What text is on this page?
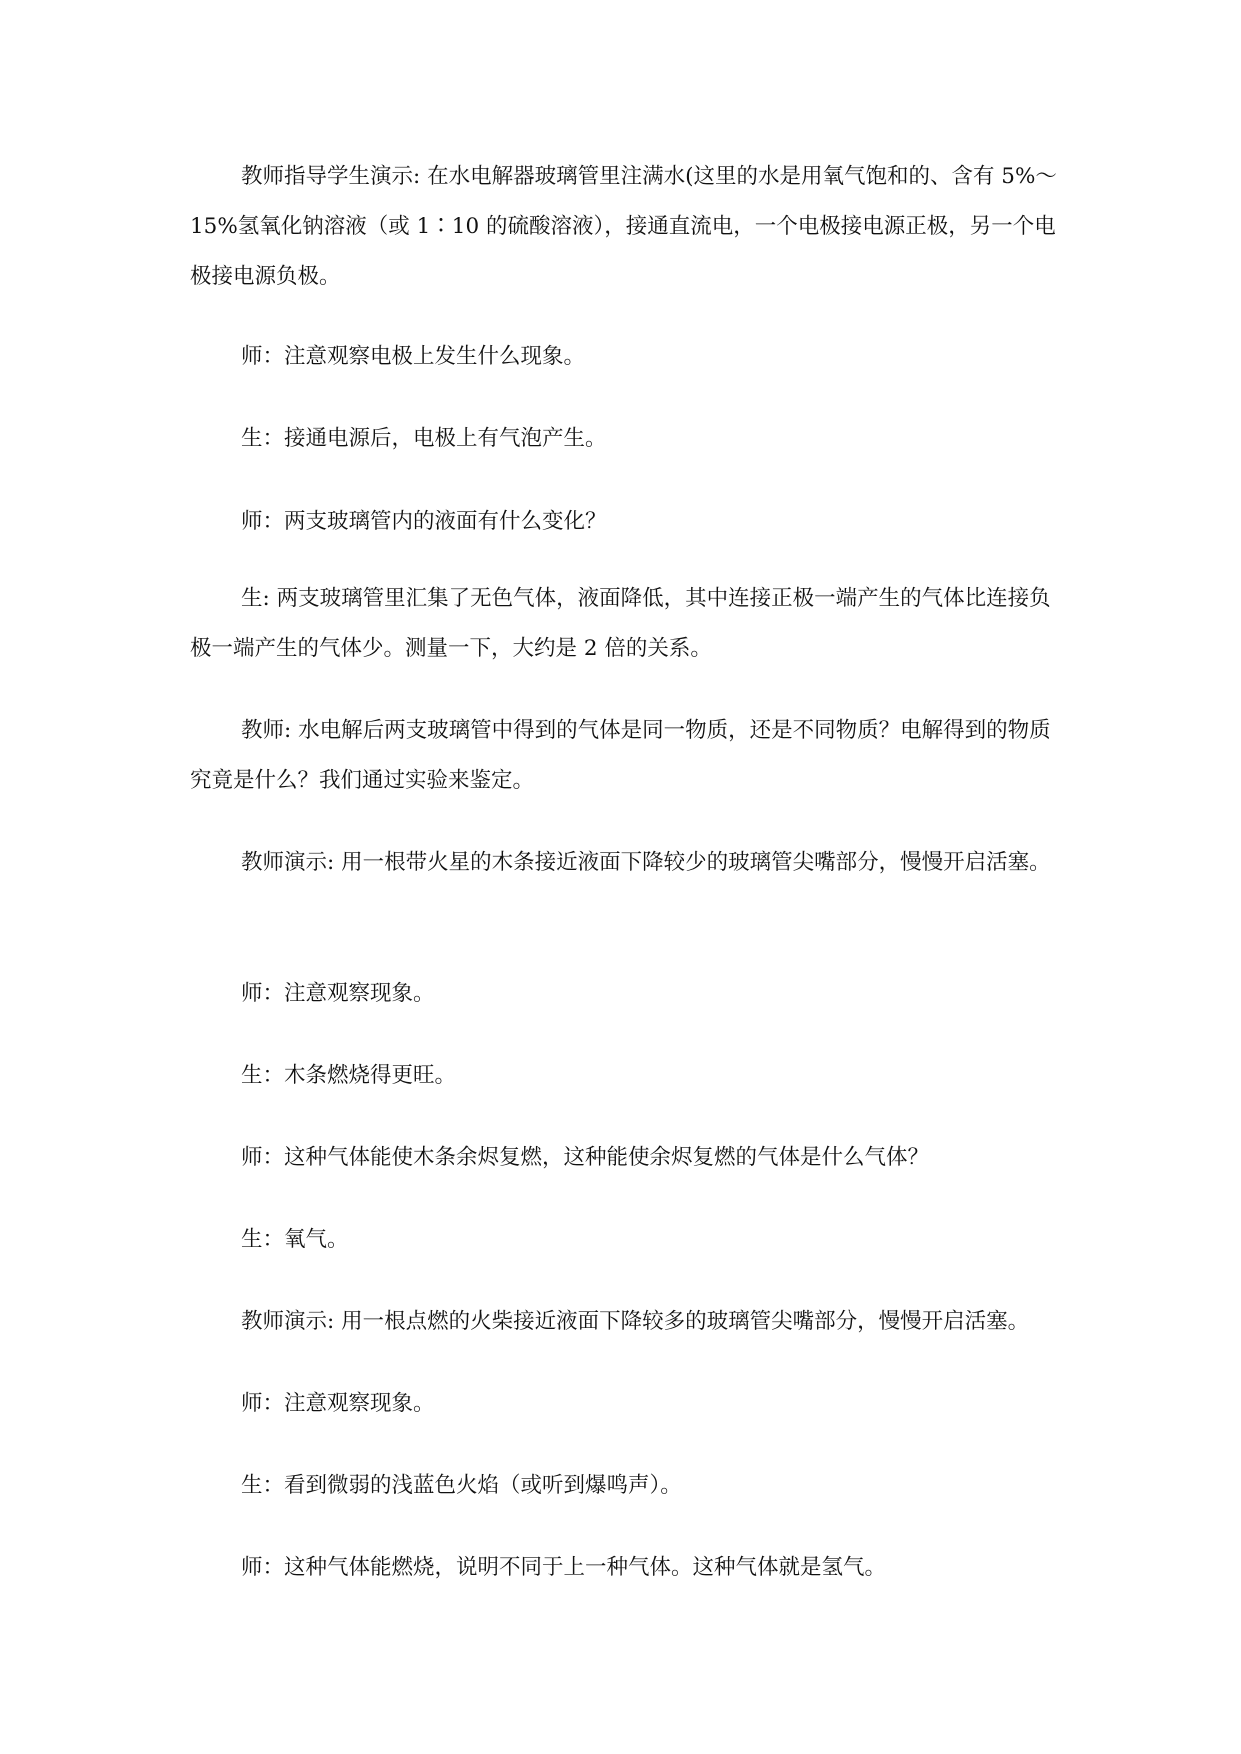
教师指导学生演示: 在水电解器玻璃管里注满水(这里的水是用氧气饱和的、含有 5%～15%氢氧化钠溶液（或 1∶10 的硫酸溶液），接通直流电，一个电极接电源正极，另一个电极接电源负极。

师：注意观察电极上发生什么现象。

生：接通电源后，电极上有气泡产生。

师：两支玻璃管内的液面有什么变化？

生: 两支玻璃管里汇集了无色气体，液面降低，其中连接正极一端产生的气体比连接负极一端产生的气体少。测量一下，大约是 2 倍的关系。

教师: 水电解后两支玻璃管中得到的气体是同一物质，还是不同物质？电解得到的物质究竟是什么？我们通过实验来鉴定。

教师演示: 用一根带火星的木条接近液面下降较少的玻璃管尖嘴部分，慢慢开启活塞。

师：注意观察现象。

生：木条燃烧得更旺。

师：这种气体能使木条余烬复燃，这种能使余烬复燃的气体是什么气体？

生：氧气。

教师演示: 用一根点燃的火柴接近液面下降较多的玻璃管尖嘴部分，慢慢开启活塞。

师：注意观察现象。

生：看到微弱的浅蓝色火焰（或听到爆鸣声）。

师：这种气体能燃烧，说明不同于上一种气体。这种气体就是氢气。
